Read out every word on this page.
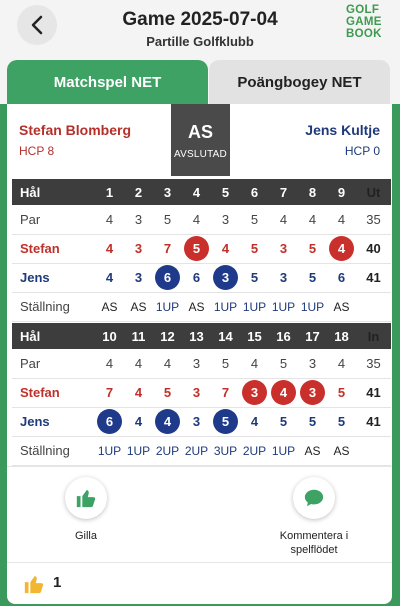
Game 2025-07-04
Partille Golfklubb
GOLF
GAME
BOOK
Matchspel NET	Poängbogey NET
Stefan Blomberg
HCP 8
AS
AVSLUTAD
Jens Kultje
HCP 0
Hål	1	2	3	4	5	6	7	8	9	Ut
Par	4	3	5	4	3	5	4	4	4	35
Stefan	4	3	7	5	4	5	3	5	4	40
Jens	4	3	6	6	3	5	3	5	6	41
Ställning	AS	AS	1UP	AS	1UP	1UP	1UP	1UP	AS	
Hål	10	11	12	13	14	15	16	17	18	In
Par	4	4	4	3	5	4	5	3	4	35
Stefan	7	4	5	3	7	3	4	3	5	41
Jens	6	4	4	3	5	4	5	5	5	41
Ställning	1UP	1UP	2UP	2UP	3UP	2UP	1UP	AS	AS	
Gilla	Kommentera i
spelflödet
1
